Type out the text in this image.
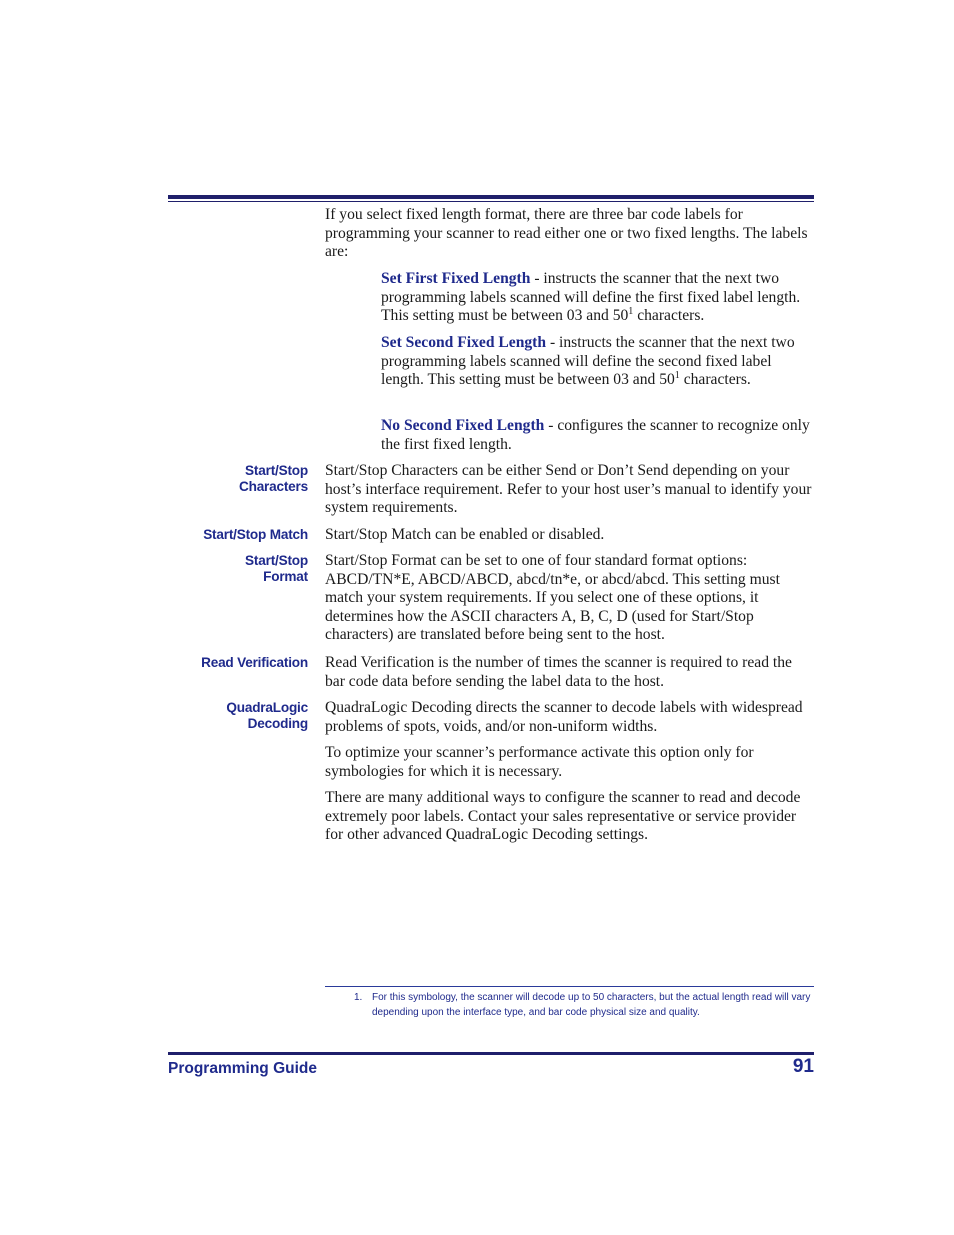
If you select fixed length format, there are three bar code labels for programming your scanner to read either one or two fixed lengths. The labels are:
Set First Fixed Length - instructs the scanner that the next two programming labels scanned will define the first fixed label length. This setting must be between 03 and $50^1$ characters.
Set Second Fixed Length - instructs the scanner that the next two programming labels scanned will define the second fixed label length. This setting must be between 03 and $50^1$ characters.
No Second Fixed Length - configures the scanner to recognize only the first fixed length.
Start/Stop
Characters
Start/Stop Characters can be either Send or Don’t Send depending on your host’s interface requirement. Refer to your host user’s manual to identify your system requirements.
Start/Stop Match Start/Stop Match can be enabled or disabled.
Start/Stop
Format
Start/Stop Format can be set to one of four standard format options: ABCD/TN*E, ABCD/ABCD, abcd/tn*e, or abcd/abcd. This setting must match your system requirements. If you select one of these options, it determines how the ASCII characters A, B, C, D (used for Start/Stop characters) are translated before being sent to the host.
Read Verification Read Verification is the number of times the scanner is required to read the bar code data before sending the label data to the host.
QuadraLogic
Decoding
QuadraLogic Decoding directs the scanner to decode labels with widespread problems of spots, voids, and/or non-uniform widths.
To optimize your scanner’s performance activate this option only for symbologies for which it is necessary.
There are many additional ways to configure the scanner to read and decode extremely poor labels. Contact your sales representative or service provider for other advanced QuadraLogic Decoding settings.
1. For this symbology, the scanner will decode up to 50 characters, but the actual length read will vary depending upon the interface type, and bar code physical size and quality.
Programming Guide	91
